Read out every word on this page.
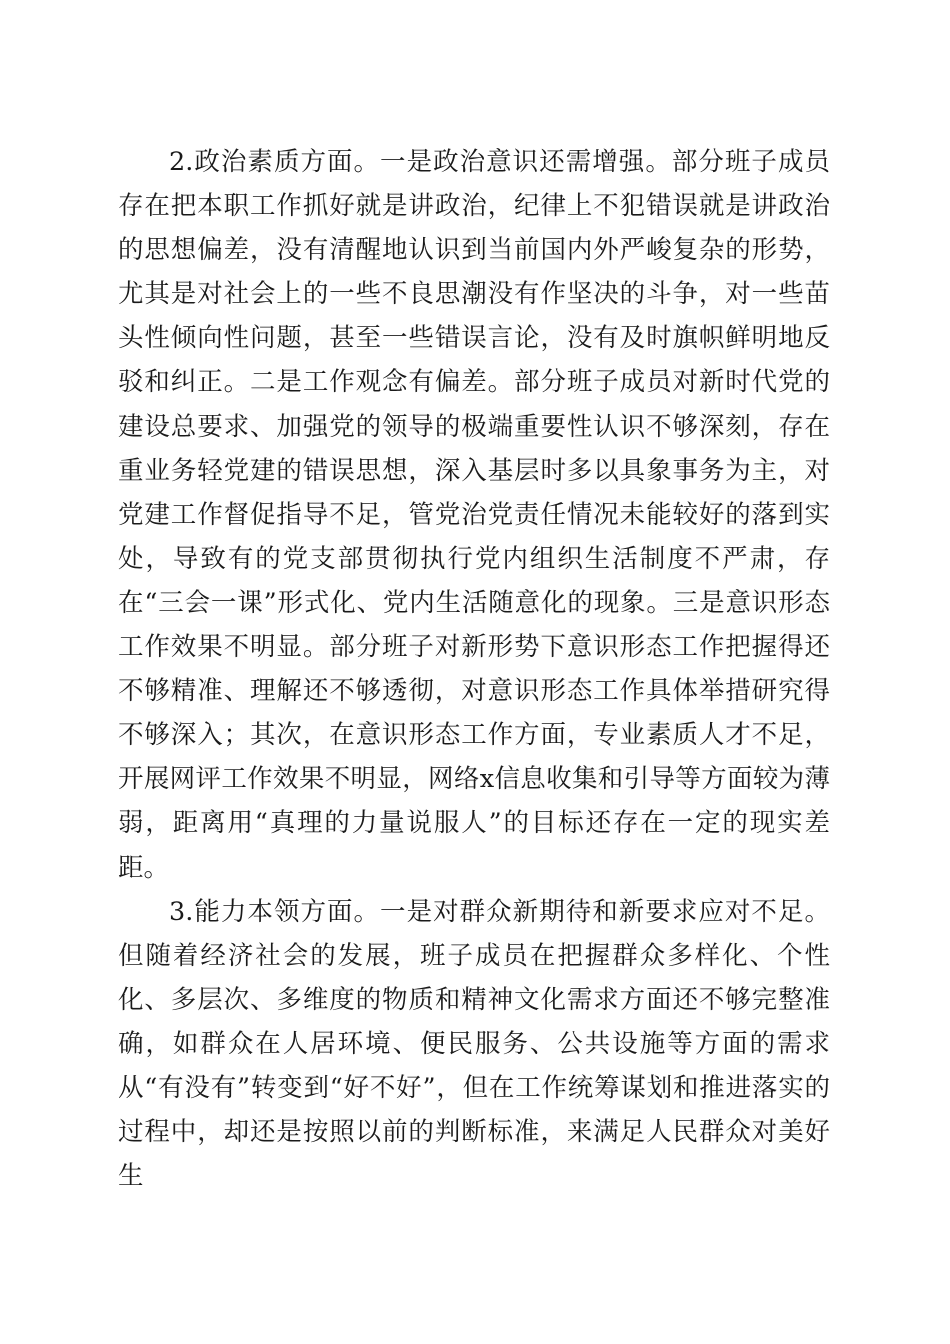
2.政治素质方面。一是政治意识还需增强。部分班子成员存在把本职工作抓好就是讲政治，纪律上不犯错误就是讲政治的思想偏差，没有清醒地认识到当前国内外严峻复杂的形势，尤其是对社会上的一些不良思潮没有作坚决的斗争，对一些苗头性倾向性问题，甚至一些错误言论，没有及时旗帜鲜明地反驳和纠正。二是工作观念有偏差。部分班子成员对新时代党的建设总要求、加强党的领导的极端重要性认识不够深刻，存在重业务轻党建的错误思想，深入基层时多以具象事务为主，对党建工作督促指导不足，管党治党责任情况未能较好的落到实处，导致有的党支部贯彻执行党内组织生活制度不严肃，存在“三会一课”形式化、党内生活随意化的现象。三是意识形态工作效果不明显。部分班子对新形势下意识形态工作把握得还不够精准、理解还不够透彻，对意识形态工作具体举措研究得不够深入；其次，在意识形态工作方面，专业素质人才不足，开展网评工作效果不明显，网络x信息收集和引导等方面较为薄弱，距离用“真理的力量说服人”的目标还存在一定的现实差距。

3.能力本领方面。一是对群众新期待和新要求应对不足。但随着经济社会的发展，班子成员在把握群众多样化、个性化、多层次、多维度的物质和精神文化需求方面还不够完整准确，如群众在人居环境、便民服务、公共设施等方面的需求从“有没有”转变到“好不好”，但在工作统筹谋划和推进落实的过程中，却还是按照以前的判断标准，来满足人民群众对美好生
